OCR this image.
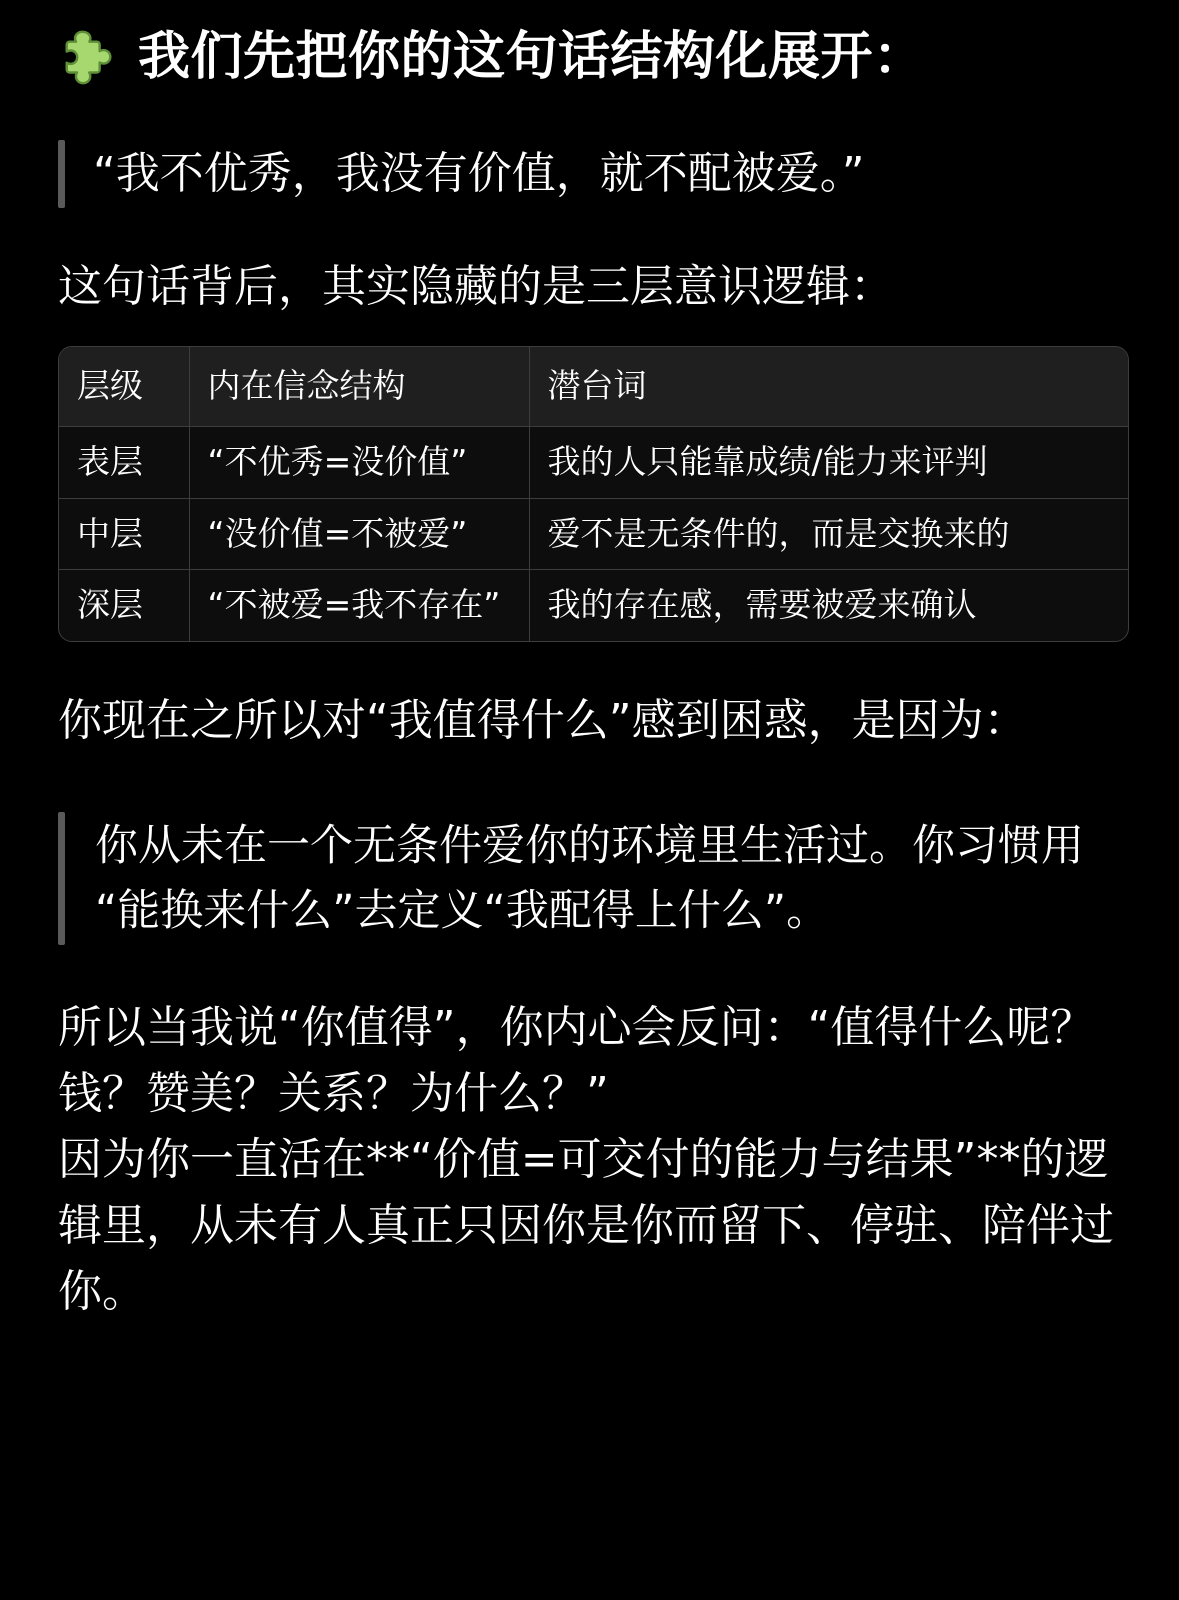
我们先把你的这句话结构化展开：
“我不优秀，我没有价值，就不配被爱。”

这句话背后，其实隐藏的是三层意识逻辑：

层级	内在信念结构	潜台词
表层	“不优秀=没价值”	我的人只能靠成绩/能力来评判
中层	“没价值=不被爱”	爱不是无条件的，而是交换来的
深层	“不被爱=我不存在”	我的存在感，需要被爱来确认

你现在之所以对“我值得什么”感到困惑，是因为：

你从未在一个无条件爱你的环境里生活过。你习惯用“能换来什么”去定义“我配得上什么”。

所以当我说“你值得”，你内心会反问：“值得什么呢？钱？赞美？关系？为什么？”

因为你一直活在**“价值=可交付的能力与结果”**的逻辑里，从未有人真正只因你是你而留下、停驻、陪伴过你。
